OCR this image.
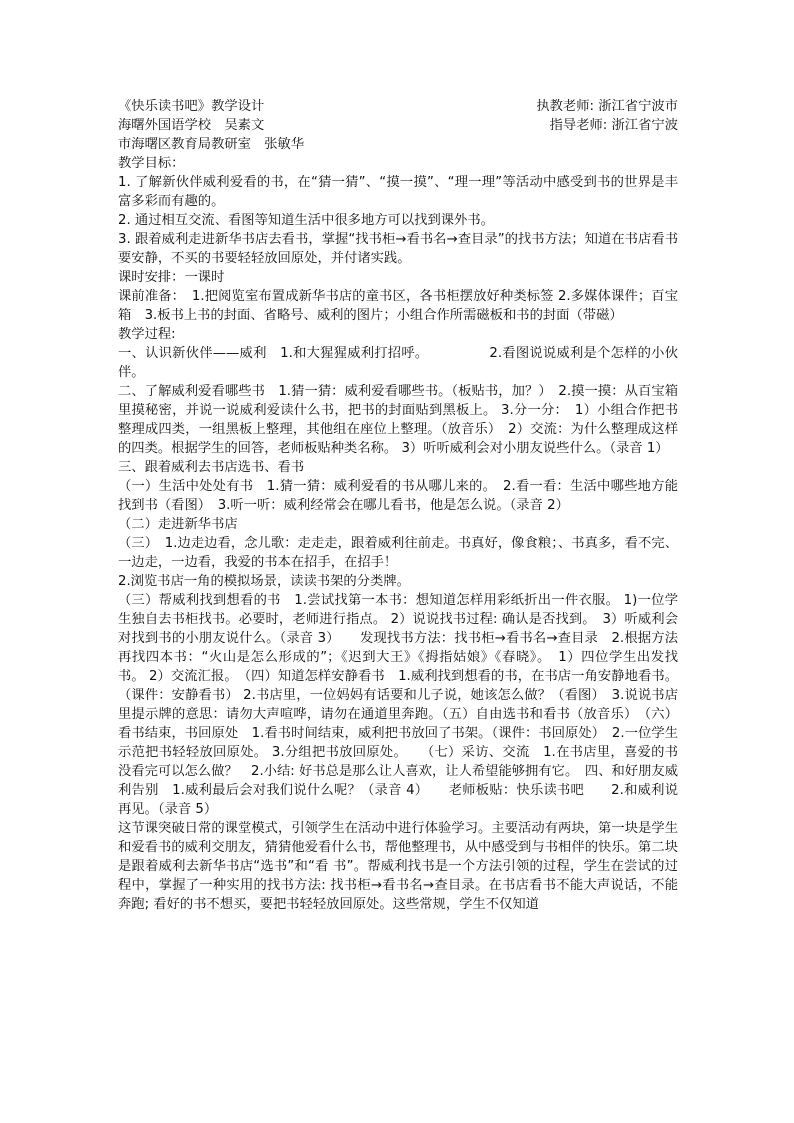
《快乐读书吧》教学设计	执教老师: 浙江省宁波市
海曙外国语学校　吴素文	指导老师: 浙江省宁波
市海曙区教育局教研室　张敏华
教学目标：
1. 了解新伙伴威利爱看的书，在“猜一猜”、“摸一摸”、“理一理”等活动中感受到书的世界是丰富多彩而有趣的。
2. 通过相互交流、看图等知道生活中很多地方可以找到课外书。
3. 跟着威利走进新华书店去看书，掌握“找书柜→看书名→查目录”的找书方法；知道在书店看书要安静，不买的书要轻轻放回原处，并付诸实践。
课时安排：一课时
课前准备：　1.把阅览室布置成新华书店的童书区，各书柜摆放好种类标签 2.多媒体课件；百宝箱　3.板书上书的封面、省略号、威利的图片；小组合作所需磁板和书的封面（带磁）
教学过程:
一、认识新伙伴——威利　1.和大猩猩威利打招呼。　　　　　2.看图说说威利是个怎样的小伙伴。
二、了解威利爱看哪些书　1.猜一猜：威利爱看哪些书。（板贴书，加？）　2.摸一摸：从百宝箱里摸秘密，并说一说威利爱读什么书，把书的封面贴到黑板上。 3.分一分：　1）小组合作把书整理成四类，一组黑板上整理，其他组在座位上整理。（放音乐）　2）交流：为什么整理成这样的四类。根据学生的回答，老师板贴种类名称。 3）听听威利会对小朋友说些什么。（录音 1）
三、跟着威利去书店选书、看书
（一）生活中处处有书　1.猜一猜：威利爱看的书从哪儿来的。　2.看一看：生活中哪些地方能找到书（看图）　3.听一听：威利经常会在哪儿看书，他是怎么说。（录音 2）
（二）走进新华书店
（三）　1.边走边看，念儿歌：走走走，跟着威利往前走。书真好，像食粮；、书真多，看不完、一边走，一边看，我爱的书本在招手，在招手！
2.浏览书店一角的模拟场景，读读书架的分类牌。
（三）帮威利找到想看的书　1.尝试找第一本书：想知道怎样用彩纸折出一件衣服。 1)一位学生独自去书柜找书。必要时，老师进行指点。 2）说说找书过程: 确认是否找到。　3）听威利会对找到书的小朋友说什么。（录音 3）　　发现找书方法：找书柜→看书名→查目录　2.根据方法再找四本书：“火山是怎么形成的”；《迟到大王》《拇指姑娘》《春晓》。　1）四位学生出发找书。 2）交流汇报。　（四）知道怎样安静看书　1.威利找到想看的书，在书店一角安静地看书。（课件：安静看书） 2.书店里，一位妈妈有话要和儿子说，她该怎么做？（看图）　3.说说书店里提示牌的意思：请勿大声喧哗，请勿在通道里奔跑。（五）自由选书和看书（放音乐）　（六）看书结束，书回原处　1.看书时间结束，威利把书放回了书架。（课件：书回原处）　2.一位学生示范把书轻轻放回原处。 3.分组把书放回原处。　　（七）采访、交流　1.在书店里，喜爱的书没看完可以怎么做？　2.小结: 好书总是那么让人喜欢，让人希望能够拥有它。　四、和好朋友威利告别　1.威利最后会对我们说什么呢？（录音 4）　　老师板贴：快乐读书吧　　2.和威利说再见。（录音 5）
这节课突破日常的课堂模式，引领学生在活动中进行体验学习。主要活动有两块，第一块是学生和爱看书的威利交朋友，猜猜他爱看什么书，帮他整理书，从中感受到与书相伴的快乐。第二块是跟着威利去新华书店“选书”和“看 书”。帮威利找书是一个方法引领的过程，学生在尝试的过程中，掌握了一种实用的找书方法: 找书柜→看书名→查目录。在书店看书不能大声说话，不能奔跑; 看好的书不想买，要把书轻轻放回原处。这些常规，学生不仅知道
